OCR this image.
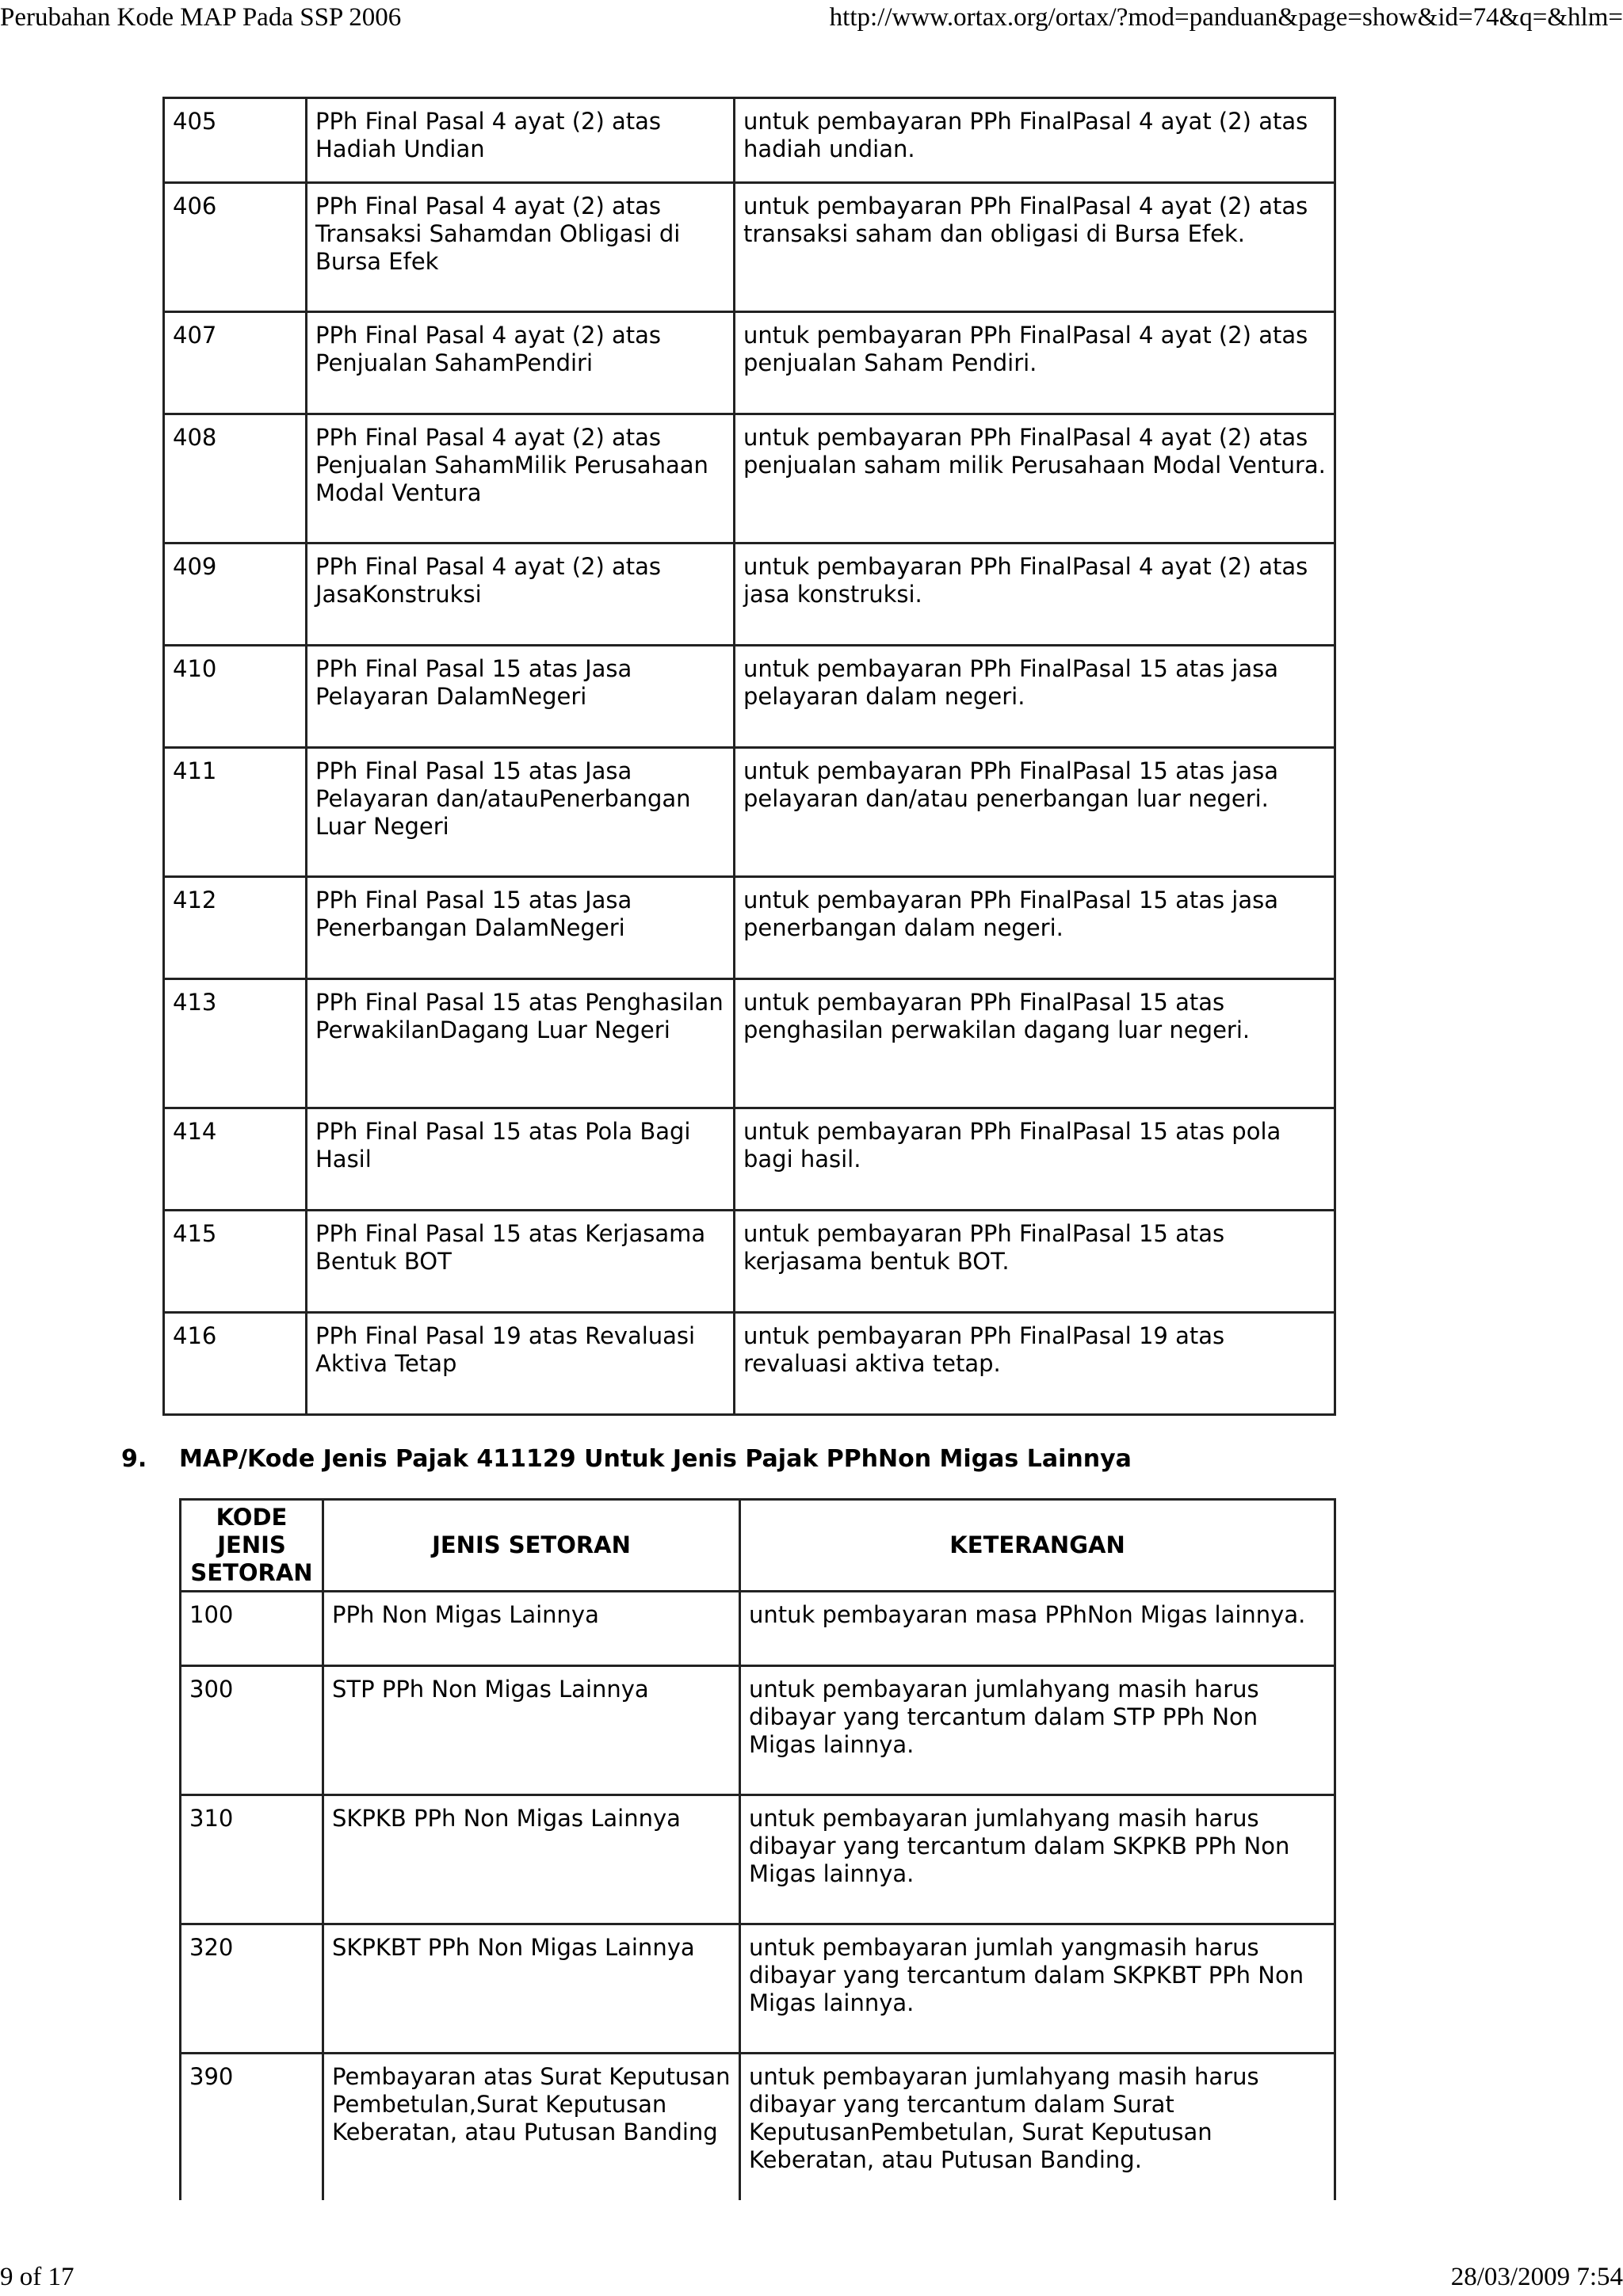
Perubahan Kode MAP Pada SSP 2006	http://www.ortax.org/ortax/?mod=panduan&page=show&id=74&q=&hlm=
405	PPh Final Pasal 4 ayat (2) atas Hadiah Undian	untuk pembayaran PPh FinalPasal 4 ayat (2) atas hadiah undian.
406	PPh Final Pasal 4 ayat (2) atas Transaksi Sahamdan Obligasi di Bursa Efek	untuk pembayaran PPh FinalPasal 4 ayat (2) atas transaksi saham dan obligasi di Bursa Efek.
407	PPh Final Pasal 4 ayat (2) atas Penjualan SahamPendiri	untuk pembayaran PPh FinalPasal 4 ayat (2) atas penjualan Saham Pendiri.
408	PPh Final Pasal 4 ayat (2) atas Penjualan SahamMilik Perusahaan Modal Ventura	untuk pembayaran PPh FinalPasal 4 ayat (2) atas penjualan saham milik Perusahaan Modal Ventura.
409	PPh Final Pasal 4 ayat (2) atas JasaKonstruksi	untuk pembayaran PPh FinalPasal 4 ayat (2) atas jasa konstruksi.
410	PPh Final Pasal 15 atas Jasa Pelayaran DalamNegeri	untuk pembayaran PPh FinalPasal 15 atas jasa pelayaran dalam negeri.
411	PPh Final Pasal 15 atas Jasa Pelayaran dan/atauPenerbangan Luar Negeri	untuk pembayaran PPh FinalPasal 15 atas jasa pelayaran dan/atau penerbangan luar negeri.
412	PPh Final Pasal 15 atas Jasa Penerbangan DalamNegeri	untuk pembayaran PPh FinalPasal 15 atas jasa penerbangan dalam negeri.
413	PPh Final Pasal 15 atas Penghasilan PerwakilanDagang Luar Negeri	untuk pembayaran PPh FinalPasal 15 atas penghasilan perwakilan dagang luar negeri.
414	PPh Final Pasal 15 atas Pola Bagi Hasil	untuk pembayaran PPh FinalPasal 15 atas pola bagi hasil.
415	PPh Final Pasal 15 atas Kerjasama Bentuk BOT	untuk pembayaran PPh FinalPasal 15 atas kerjasama bentuk BOT.
416	PPh Final Pasal 19 atas Revaluasi Aktiva Tetap	untuk pembayaran PPh FinalPasal 19 atas revaluasi aktiva tetap.
9. MAP/Kode Jenis Pajak 411129 Untuk Jenis Pajak PPhNon Migas Lainnya
KODE JENIS SETORAN	JENIS SETORAN	KETERANGAN
100	PPh Non Migas Lainnya	untuk pembayaran masa PPhNon Migas lainnya.
300	STP PPh Non Migas Lainnya	untuk pembayaran jumlahyang masih harus dibayar yang tercantum dalam STP PPh Non Migas lainnya.
310	SKPKB PPh Non Migas Lainnya	untuk pembayaran jumlahyang masih harus dibayar yang tercantum dalam SKPKB PPh Non Migas lainnya.
320	SKPKBT PPh Non Migas Lainnya	untuk pembayaran jumlah yangmasih harus dibayar yang tercantum dalam SKPKBT PPh Non Migas lainnya.
390	Pembayaran atas Surat Keputusan Pembetulan,Surat Keputusan Keberatan, atau Putusan Banding	untuk pembayaran jumlahyang masih harus dibayar yang tercantum dalam Surat KeputusanPembetulan, Surat Keputusan Keberatan, atau Putusan Banding.
9 of 17	28/03/2009 7:54
